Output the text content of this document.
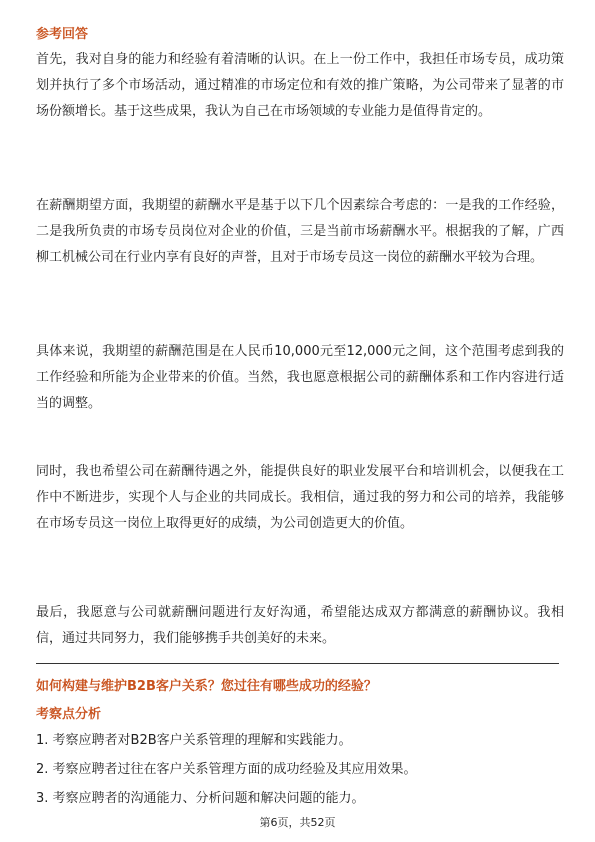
参考回答
首先，我对自身的能力和经验有着清晰的认识。在上一份工作中，我担任市场专员，成功策划并执行了多个市场活动，通过精准的市场定位和有效的推广策略，为公司带来了显著的市场份额增长。基于这些成果，我认为自己在市场领域的专业能力是值得肯定的。
在薪酬期望方面，我期望的薪酬水平是基于以下几个因素综合考虑的：一是我的工作经验，二是我所负责的市场专员岗位对企业的价值，三是当前市场薪酬水平。根据我的了解，广西柳工机械公司在行业内享有良好的声誉，且对于市场专员这一岗位的薪酬水平较为合理。
具体来说，我期望的薪酬范围是在人民币10,000元至12,000元之间，这个范围考虑到我的工作经验和所能为企业带来的价值。当然，我也愿意根据公司的薪酬体系和工作内容进行适当的调整。
同时，我也希望公司在薪酬待遇之外，能提供良好的职业发展平台和培训机会，以便我在工作中不断进步，实现个人与企业的共同成长。我相信，通过我的努力和公司的培养，我能够在市场专员这一岗位上取得更好的成绩，为公司创造更大的价值。
最后，我愿意与公司就薪酬问题进行友好沟通，希望能达成双方都满意的薪酬协议。我相信，通过共同努力，我们能够携手共创美好的未来。
如何构建与维护B2B客户关系？您过往有哪些成功的经验？
考察点分析
1. 考察应聘者对B2B客户关系管理的理解和实践能力。
2. 考察应聘者过往在客户关系管理方面的成功经验及其应用效果。
3. 考察应聘者的沟通能力、分析问题和解决问题的能力。
第6页，共52页
